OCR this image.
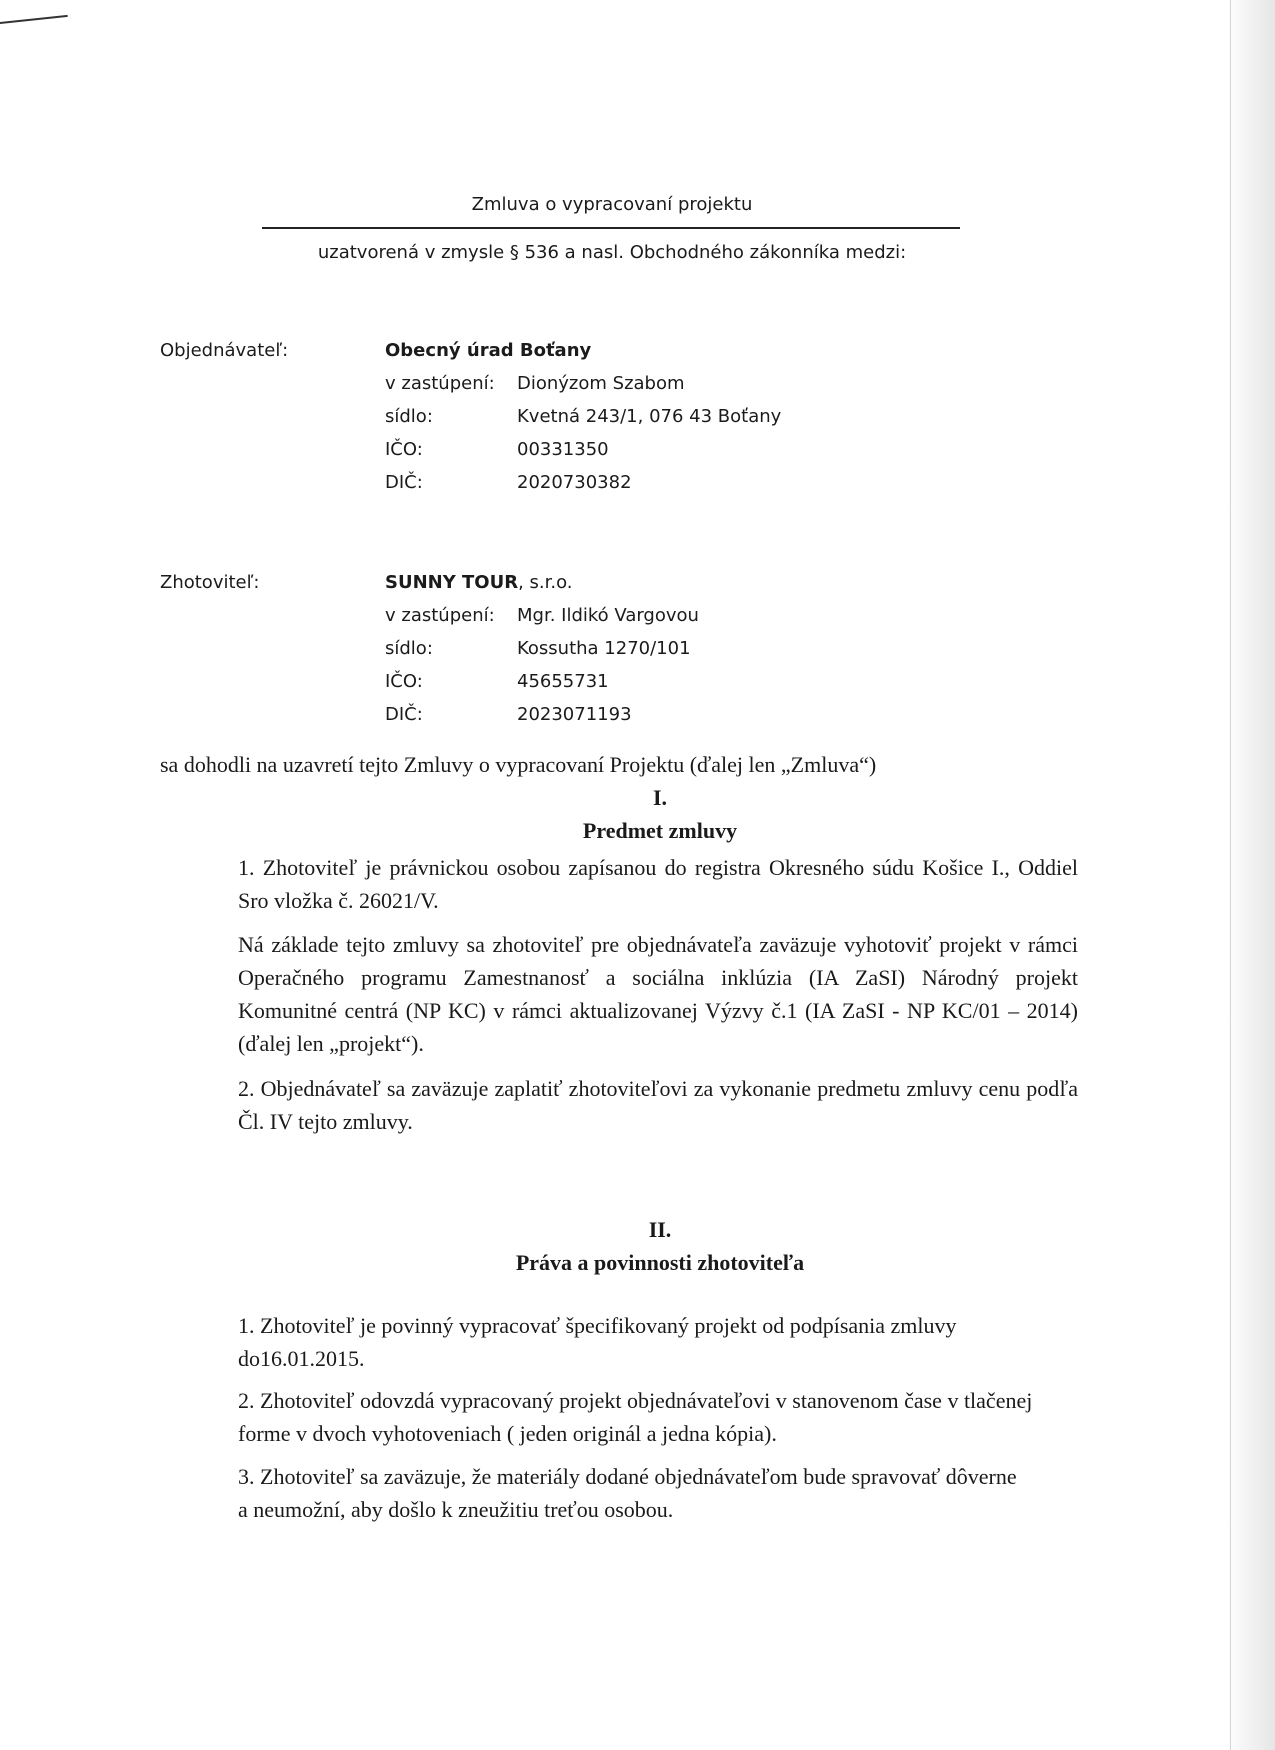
Zmluva o vypracovaní projektu
uzatvorená v zmysle § 536 a nasl. Obchodného zákonníka medzi:
Objednávateľ:	Obecný úrad Boťany
v zastúpení: Dionýzom Szabom
sídlo:	Kvetná 243/1, 076 43 Boťany
IČO:	00331350
DIČ:	2020730382
Zhotoviteľ:	SUNNY TOUR, s.r.o.
v zastúpení: Mgr. Ildikó Vargovou
sídlo:	Kossutha 1270/101
IČO:	45655731
DIČ:	2023071193
sa dohodli na uzavretí tejto Zmluvy o vypracovaní Projektu (ďalej len „Zmluva“)
I.
Predmet zmluvy

1. Zhotoviteľ je právnickou osobou zapísanou do registra Okresného súdu Košice I., Oddiel Sro vložka č. 26021/V.

Ná základe tejto zmluvy sa zhotoviteľ pre objednávateľa zaväzuje vyhotoviť projekt v rámci Operačného programu Zamestnanosť a sociálna inklúzia (IA ZaSI) Národný projekt Komunitné centrá (NP KC) v rámci aktualizovanej Výzvy č.1 (IA ZaSI - NP KC/01 – 2014) (ďalej len „projekt“).

2. Objednávateľ sa zaväzuje zaplatiť zhotoviteľovi za vykonanie predmetu zmluvy cenu podľa Čl. IV tejto zmluvy.

II.
Práva a povinnosti zhotoviteľa

1. Zhotoviteľ je povinný vypracovať špecifikovaný projekt od podpísania zmluvy do16.01.2015.

2. Zhotoviteľ odovzdá vypracovaný projekt objednávateľovi v stanovenom čase v tlačenej forme v dvoch vyhotoveniach ( jeden originál a jedna kópia).

3. Zhotoviteľ sa zaväzuje, že materiály dodané objednávateľom bude spravovať dôverne a neumožní, aby došlo k zneužitiu treťou osobou.
